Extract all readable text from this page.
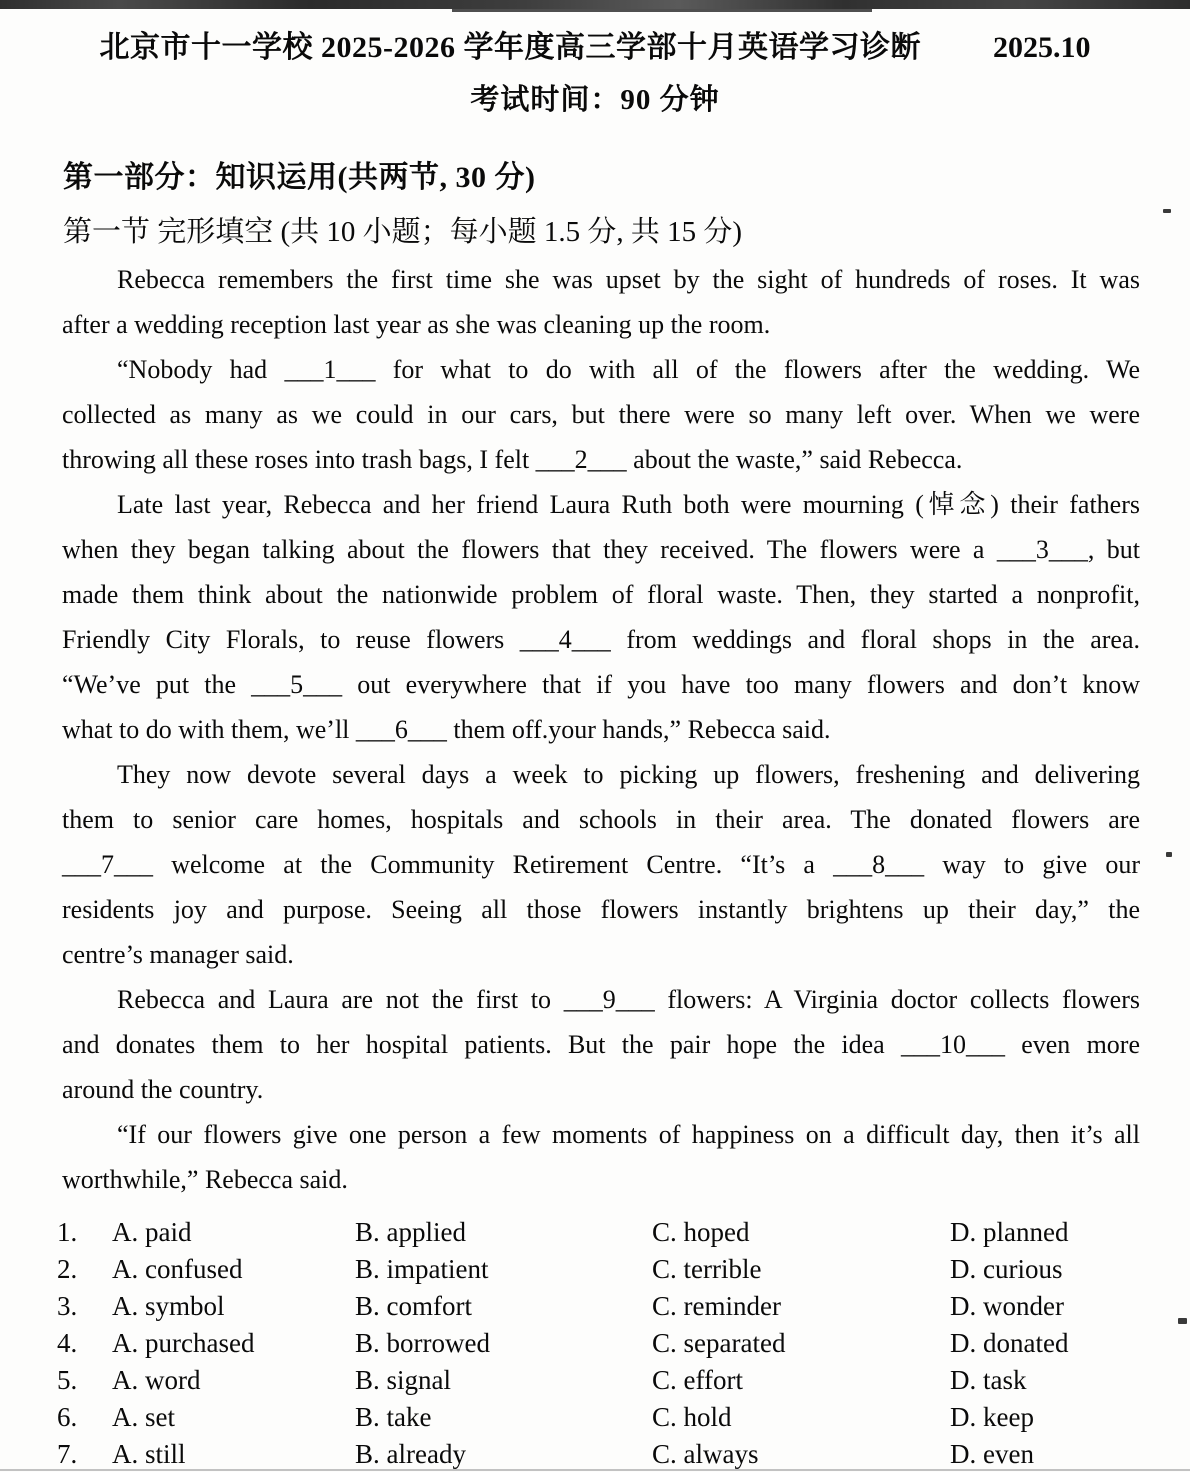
北京市十一学校 2025-2026 学年度高三学部十月英语学习诊断 2025.10
考试时间：90 分钟
第一部分：知识运用(共两节, 30 分)
第一节 完形填空 (共 10 小题；每小题 1.5 分, 共 15 分)
Rebecca remembers the first time she was upset by the sight of hundreds of roses. It was
after a wedding reception last year as she was cleaning up the room.
“Nobody had ___1___ for what to do with all of the flowers after the wedding. We
collected as many as we could in our cars, but there were so many left over. When we were
throwing all these roses into trash bags, I felt ___2___ about the waste,” said Rebecca.
Late last year, Rebecca and her friend Laura Ruth both were mourning (悼念) their fathers
when they began talking about the flowers that they received. The flowers were a ___3___, but
made them think about the nationwide problem of floral waste. Then, they started a nonprofit,
Friendly City Florals, to reuse flowers ___4___ from weddings and floral shops in the area.
“We’ve put the ___5___ out everywhere that if you have too many flowers and don’t know
what to do with them, we’ll ___6___ them off.your hands,” Rebecca said.
They now devote several days a week to picking up flowers, freshening and delivering
them to senior care homes, hospitals and schools in their area. The donated flowers are
___7___ welcome at the Community Retirement Centre. “It’s a ___8___ way to give our
residents joy and purpose. Seeing all those flowers instantly brightens up their day,” the
centre’s manager said.
Rebecca and Laura are not the first to ___9___ flowers: A Virginia doctor collects flowers
and donates them to her hospital patients. But the pair hope the idea ___10___ even more
around the country.
“If our flowers give one person a few moments of happiness on a difficult day, then it’s all
worthwhile,” Rebecca said.
1.	A. paid	B. applied	C. hoped	D. planned
2.	A. confused	B. impatient	C. terrible	D. curious
3.	A. symbol	B. comfort	C. reminder	D. wonder
4.	A. purchased	B. borrowed	C. separated	D. donated
5.	A. word	B. signal	C. effort	D. task
6.	A. set	B. take	C. hold	D. keep
7.	A. still	B. already	C. always	D. even
